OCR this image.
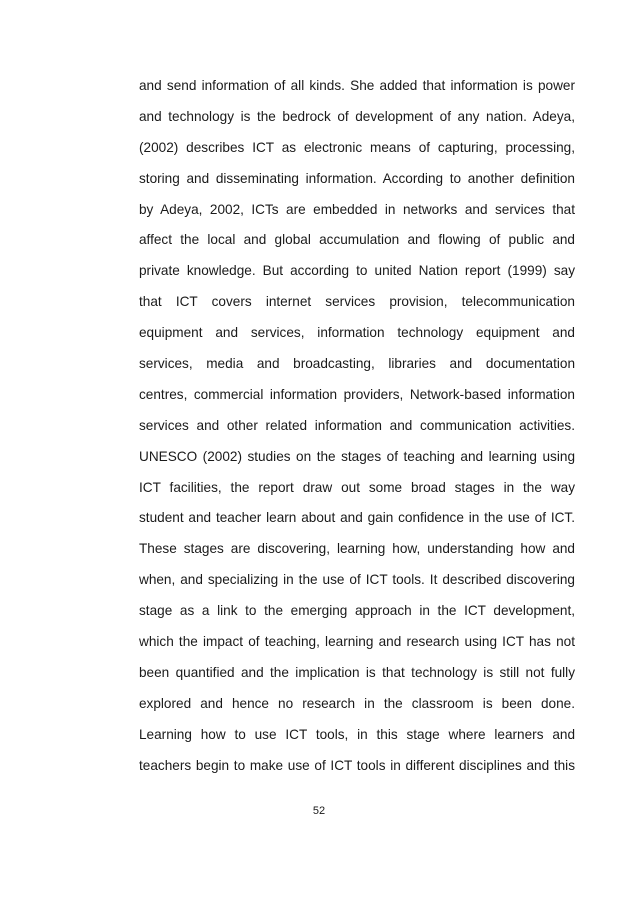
and send information of all kinds. She added that information is power
and technology is the bedrock of development of any nation. Adeya,
(2002) describes ICT as electronic means of capturing, processing,
storing and disseminating information. According to another definition
by Adeya, 2002, ICTs are embedded in networks and services that
affect the local and global accumulation and flowing of public and
private knowledge. But according to united Nation report (1999) say
that ICT covers internet services provision, telecommunication
equipment and services, information technology equipment and
services, media and broadcasting, libraries and documentation
centres, commercial information providers, Network-based information
services and other related information and communication activities.
UNESCO (2002) studies on the stages of teaching and learning using
ICT facilities, the report draw out some broad stages in the way
student and teacher learn about and gain confidence in the use of ICT.
These stages are discovering, learning how, understanding how and
when, and specializing in the use of ICT tools. It described discovering
stage as a link to the emerging approach in the ICT development,
which the impact of teaching, learning and research using ICT has not
been quantified and the implication is that technology is still not fully
explored and hence no research in the classroom is been done.
Learning how to use ICT tools, in this stage where learners and
teachers begin to make use of ICT tools in different disciplines and this
52
